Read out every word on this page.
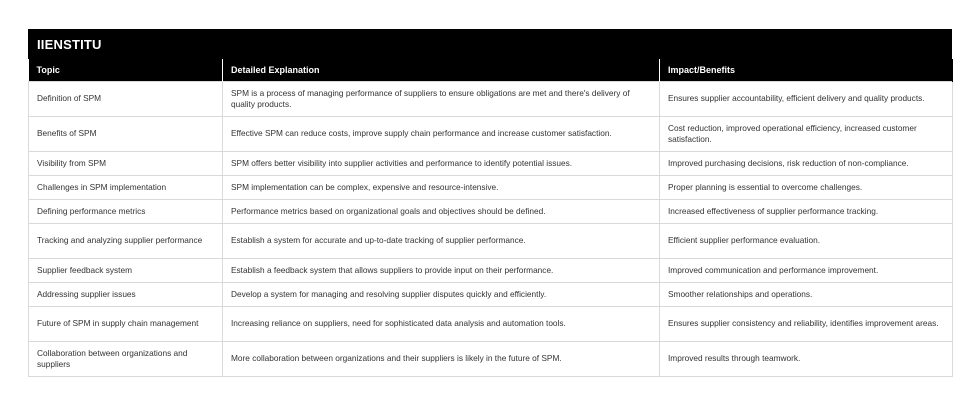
IIENSTITU
Topic	Detailed Explanation	Impact/Benefits
Definition of SPM	SPM is a process of managing performance of suppliers to ensure obligations are met and there's delivery of quality products.	Ensures supplier accountability, efficient delivery and quality products.
Benefits of SPM	Effective SPM can reduce costs, improve supply chain performance and increase customer satisfaction.	Cost reduction, improved operational efficiency, increased customer satisfaction.
Visibility from SPM	SPM offers better visibility into supplier activities and performance to identify potential issues.	Improved purchasing decisions, risk reduction of non-compliance.
Challenges in SPM implementation	SPM implementation can be complex, expensive and resource-intensive.	Proper planning is essential to overcome challenges.
Defining performance metrics	Performance metrics based on organizational goals and objectives should be defined.	Increased effectiveness of supplier performance tracking.
Tracking and analyzing supplier performance	Establish a system for accurate and up-to-date tracking of supplier performance.	Efficient supplier performance evaluation.
Supplier feedback system	Establish a feedback system that allows suppliers to provide input on their performance.	Improved communication and performance improvement.
Addressing supplier issues	Develop a system for managing and resolving supplier disputes quickly and efficiently.	Smoother relationships and operations.
Future of SPM in supply chain management	Increasing reliance on suppliers, need for sophisticated data analysis and automation tools.	Ensures supplier consistency and reliability, identifies improvement areas.
Collaboration between organizations and suppliers	More collaboration between organizations and their suppliers is likely in the future of SPM.	Improved results through teamwork.
